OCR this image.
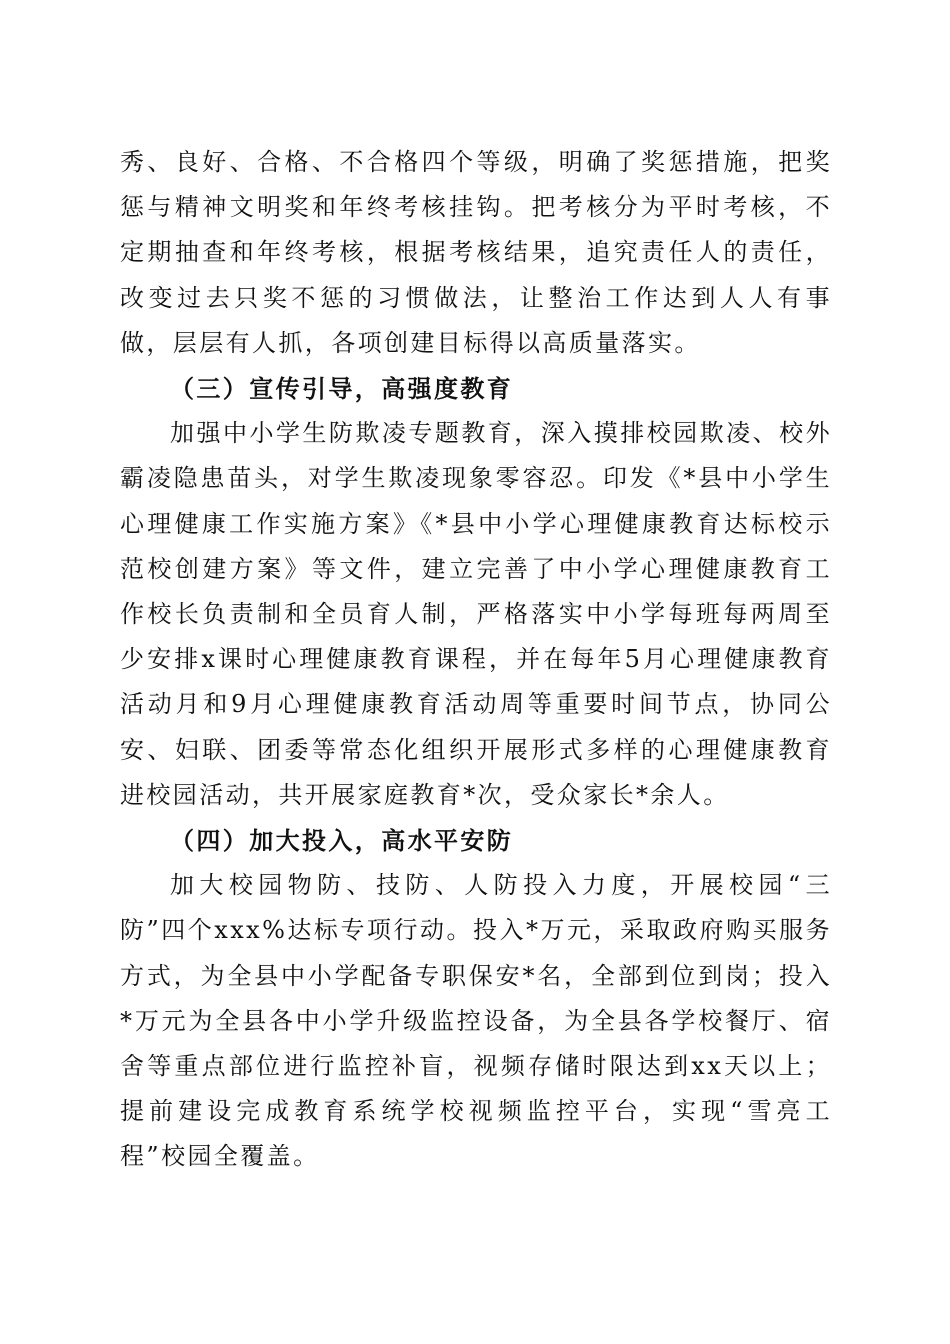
秀、良好、合格、不合格四个等级，明确了奖惩措施，把奖惩与精神文明奖和年终考核挂钩。把考核分为平时考核，不定期抽查和年终考核，根据考核结果，追究责任人的责任，改变过去只奖不惩的习惯做法，让整治工作达到人人有事做，层层有人抓，各项创建目标得以高质量落实。

（三）宣传引导，高强度教育

加强中小学生防欺凌专题教育，深入摸排校园欺凌、校外霸凌隐患苗头，对学生欺凌现象零容忍。印发《*县中小学生心理健康工作实施方案》《*县中小学心理健康教育达标校示范校创建方案》等文件，建立完善了中小学心理健康教育工作校长负责制和全员育人制，严格落实中小学每班每两周至少安排x课时心理健康教育课程，并在每年5月心理健康教育活动月和9月心理健康教育活动周等重要时间节点，协同公安、妇联、团委等常态化组织开展形式多样的心理健康教育进校园活动，共开展家庭教育*次，受众家长*余人。

（四）加大投入，高水平安防

加大校园物防、技防、人防投入力度，开展校园“三防”四个xxx%达标专项行动。投入*万元，采取政府购买服务方式，为全县中小学配备专职保安*名，全部到位到岗；投入*万元为全县各中小学升级监控设备，为全县各学校餐厅、宿舍等重点部位进行监控补盲，视频存储时限达到xx天以上；提前建设完成教育系统学校视频监控平台，实现“雪亮工程”校园全覆盖。
